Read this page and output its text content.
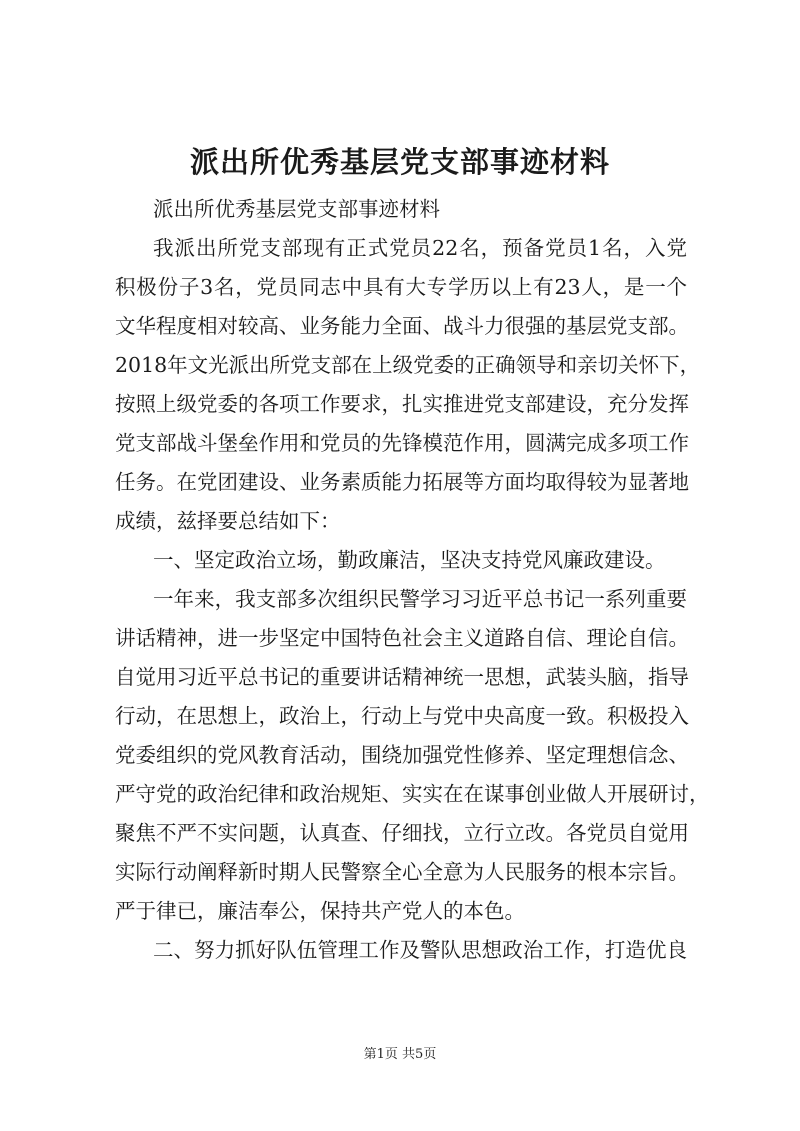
派出所优秀基层党支部事迹材料
派出所优秀基层党支部事迹材料
我派出所党支部现有正式党员22名，预备党员1名，入党
积极份子3名，党员同志中具有大专学历以上有23人，是一个
文华程度相对较高、业务能力全面、战斗力很强的基层党支部。
2018年文光派出所党支部在上级党委的正确领导和亲切关怀下，
按照上级党委的各项工作要求，扎实推进党支部建设，充分发挥
党支部战斗堡垒作用和党员的先锋模范作用，圆满完成多项工作
任务。在党团建设、业务素质能力拓展等方面均取得较为显著地
成绩，兹择要总结如下：
一、坚定政治立场，勤政廉洁，坚决支持党风廉政建设。
一年来，我支部多次组织民警学习习近平总书记一系列重要
讲话精神，进一步坚定中国特色社会主义道路自信、理论自信。
自觉用习近平总书记的重要讲话精神统一思想，武装头脑，指导
行动，在思想上，政治上，行动上与党中央高度一致。积极投入
党委组织的党风教育活动，围绕加强党性修养、坚定理想信念、
严守党的政治纪律和政治规矩、实实在在谋事创业做人开展研讨，
聚焦不严不实问题，认真查、仔细找，立行立改。各党员自觉用
实际行动阐释新时期人民警察全心全意为人民服务的根本宗旨。
严于律已，廉洁奉公，保持共产党人的本色。
二、努力抓好队伍管理工作及警队思想政治工作，打造优良
第1页 共5页
